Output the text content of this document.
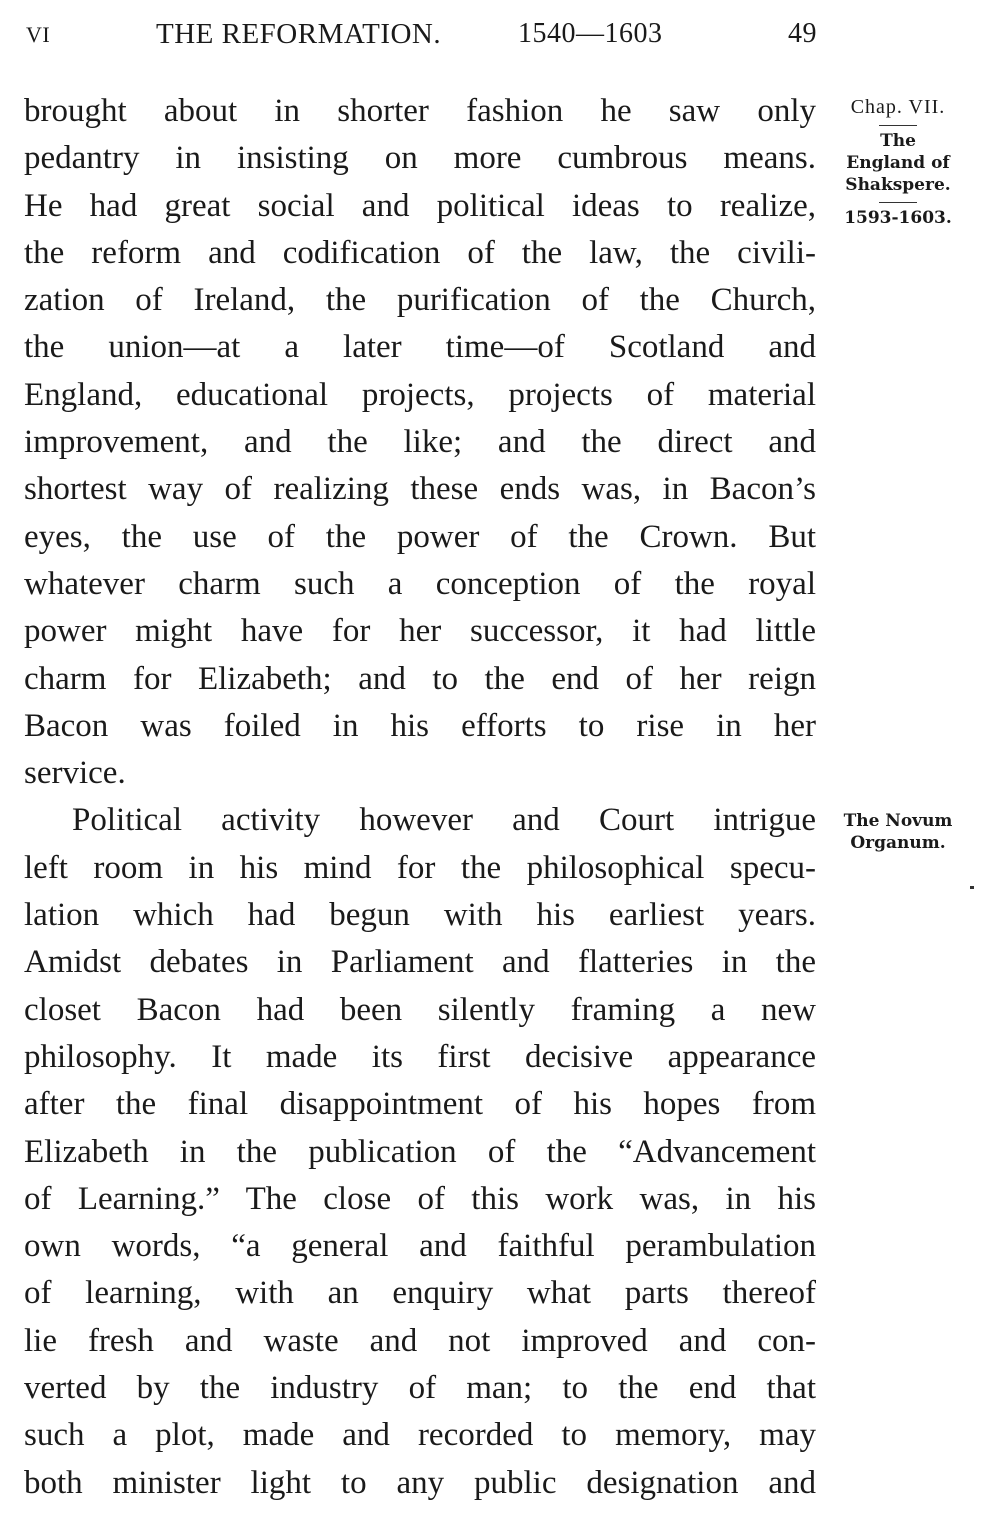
VI	THE REFORMATION.	1540—1603	49
brought about in shorter fashion he saw only
pedantry in insisting on more cumbrous means.
He had great social and political ideas to realize,
the reform and codification of the law, the civili-
zation of Ireland, the purification of the Church,
the union—at a later time—of Scotland and
England, educational projects, projects of material
improvement, and the like; and the direct and
shortest way of realizing these ends was, in Bacon’s
eyes, the use of the power of the Crown. But
whatever charm such a conception of the royal
power might have for her successor, it had little
charm for Elizabeth; and to the end of her reign
Bacon was foiled in his efforts to rise in her
service.
Political activity however and Court intrigue
left room in his mind for the philosophical specu-
lation which had begun with his earliest years.
Amidst debates in Parliament and flatteries in the
closet Bacon had been silently framing a new
philosophy. It made its first decisive appearance
after the final disappointment of his hopes from
Elizabeth in the publication of the “Advancement
of Learning.” The close of this work was, in his
own words, “a general and faithful perambulation
of learning, with an enquiry what parts thereof
lie fresh and waste and not improved and con-
verted by the industry of man; to the end that
such a plot, made and recorded to memory, may
both minister light to any public designation and
Chap. VII.
The
England of
Shakspere.
1593-1603.
The Novum
Organum.
